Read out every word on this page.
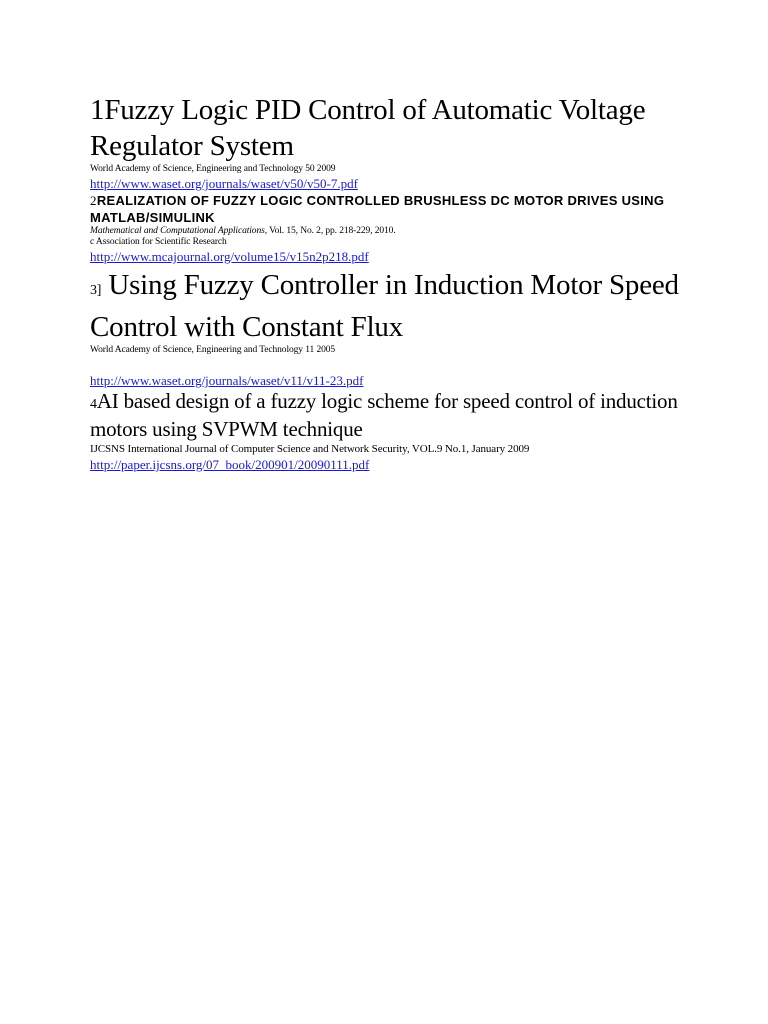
1Fuzzy Logic PID Control of Automatic Voltage Regulator System
World Academy of Science, Engineering and Technology 50 2009
http://www.waset.org/journals/waset/v50/v50-7.pdf
2REALIZATION OF FUZZY LOGIC CONTROLLED BRUSHLESS DC MOTOR DRIVES USING MATLAB/SIMULINK
Mathematical and Computational Applications, Vol. 15, No. 2, pp. 218-229, 2010.
c Association for Scientific Research
http://www.mcajournal.org/volume15/v15n2p218.pdf
3] Using Fuzzy Controller in Induction Motor Speed Control with Constant Flux
World Academy of Science, Engineering and Technology 11 2005
http://www.waset.org/journals/waset/v11/v11-23.pdf
4AI based design of a fuzzy logic scheme for speed control of induction motors using SVPWM technique
IJCSNS International Journal of Computer Science and Network Security, VOL.9 No.1, January 2009
http://paper.ijcsns.org/07_book/200901/20090111.pdf
